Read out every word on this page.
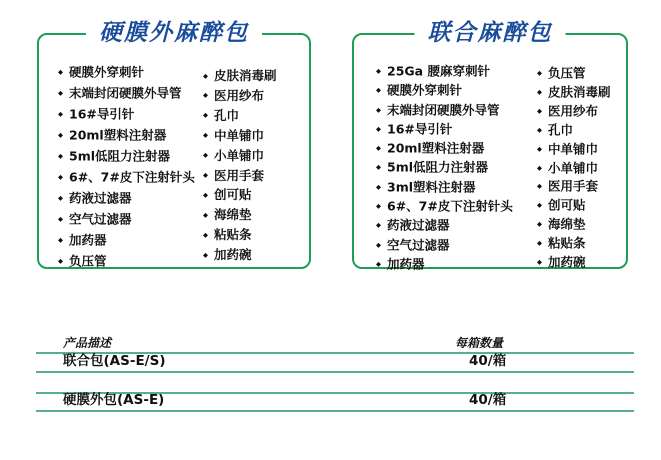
硬膜外麻醉包
◆ 硬膜外穿刺针
◆ 末端封闭硬膜外导管
◆ 16#导引针
◆ 20ml塑料注射器
◆ 5ml低阻力注射器
◆ 6#、7#皮下注射针头
◆ 药液过滤器
◆ 空气过滤器
◆ 加药器
◆ 负压管
◆ 皮肤消毒刷
◆ 医用纱布
◆ 孔巾
◆ 中单铺巾
◆ 小单铺巾
◆ 医用手套
◆ 创可贴
◆ 海绵垫
◆ 粘贴条
◆ 加药碗
联合麻醉包
◆ 25Ga 腰麻穿刺针
◆ 硬膜外穿刺针
◆ 末端封闭硬膜外导管
◆ 16#导引针
◆ 20ml塑料注射器
◆ 5ml低阻力注射器
◆ 3ml塑料注射器
◆ 6#、7#皮下注射针头
◆ 药液过滤器
◆ 空气过滤器
◆ 加药器
◆ 负压管
◆ 皮肤消毒刷
◆ 医用纱布
◆ 孔巾
◆ 中单铺巾
◆ 小单铺巾
◆ 医用手套
◆ 创可贴
◆ 海绵垫
◆ 粘贴条
◆ 加药碗
产品描述	每箱数量
联合包(AS-E/S)	40/箱
硬膜外包(AS-E)	40/箱
